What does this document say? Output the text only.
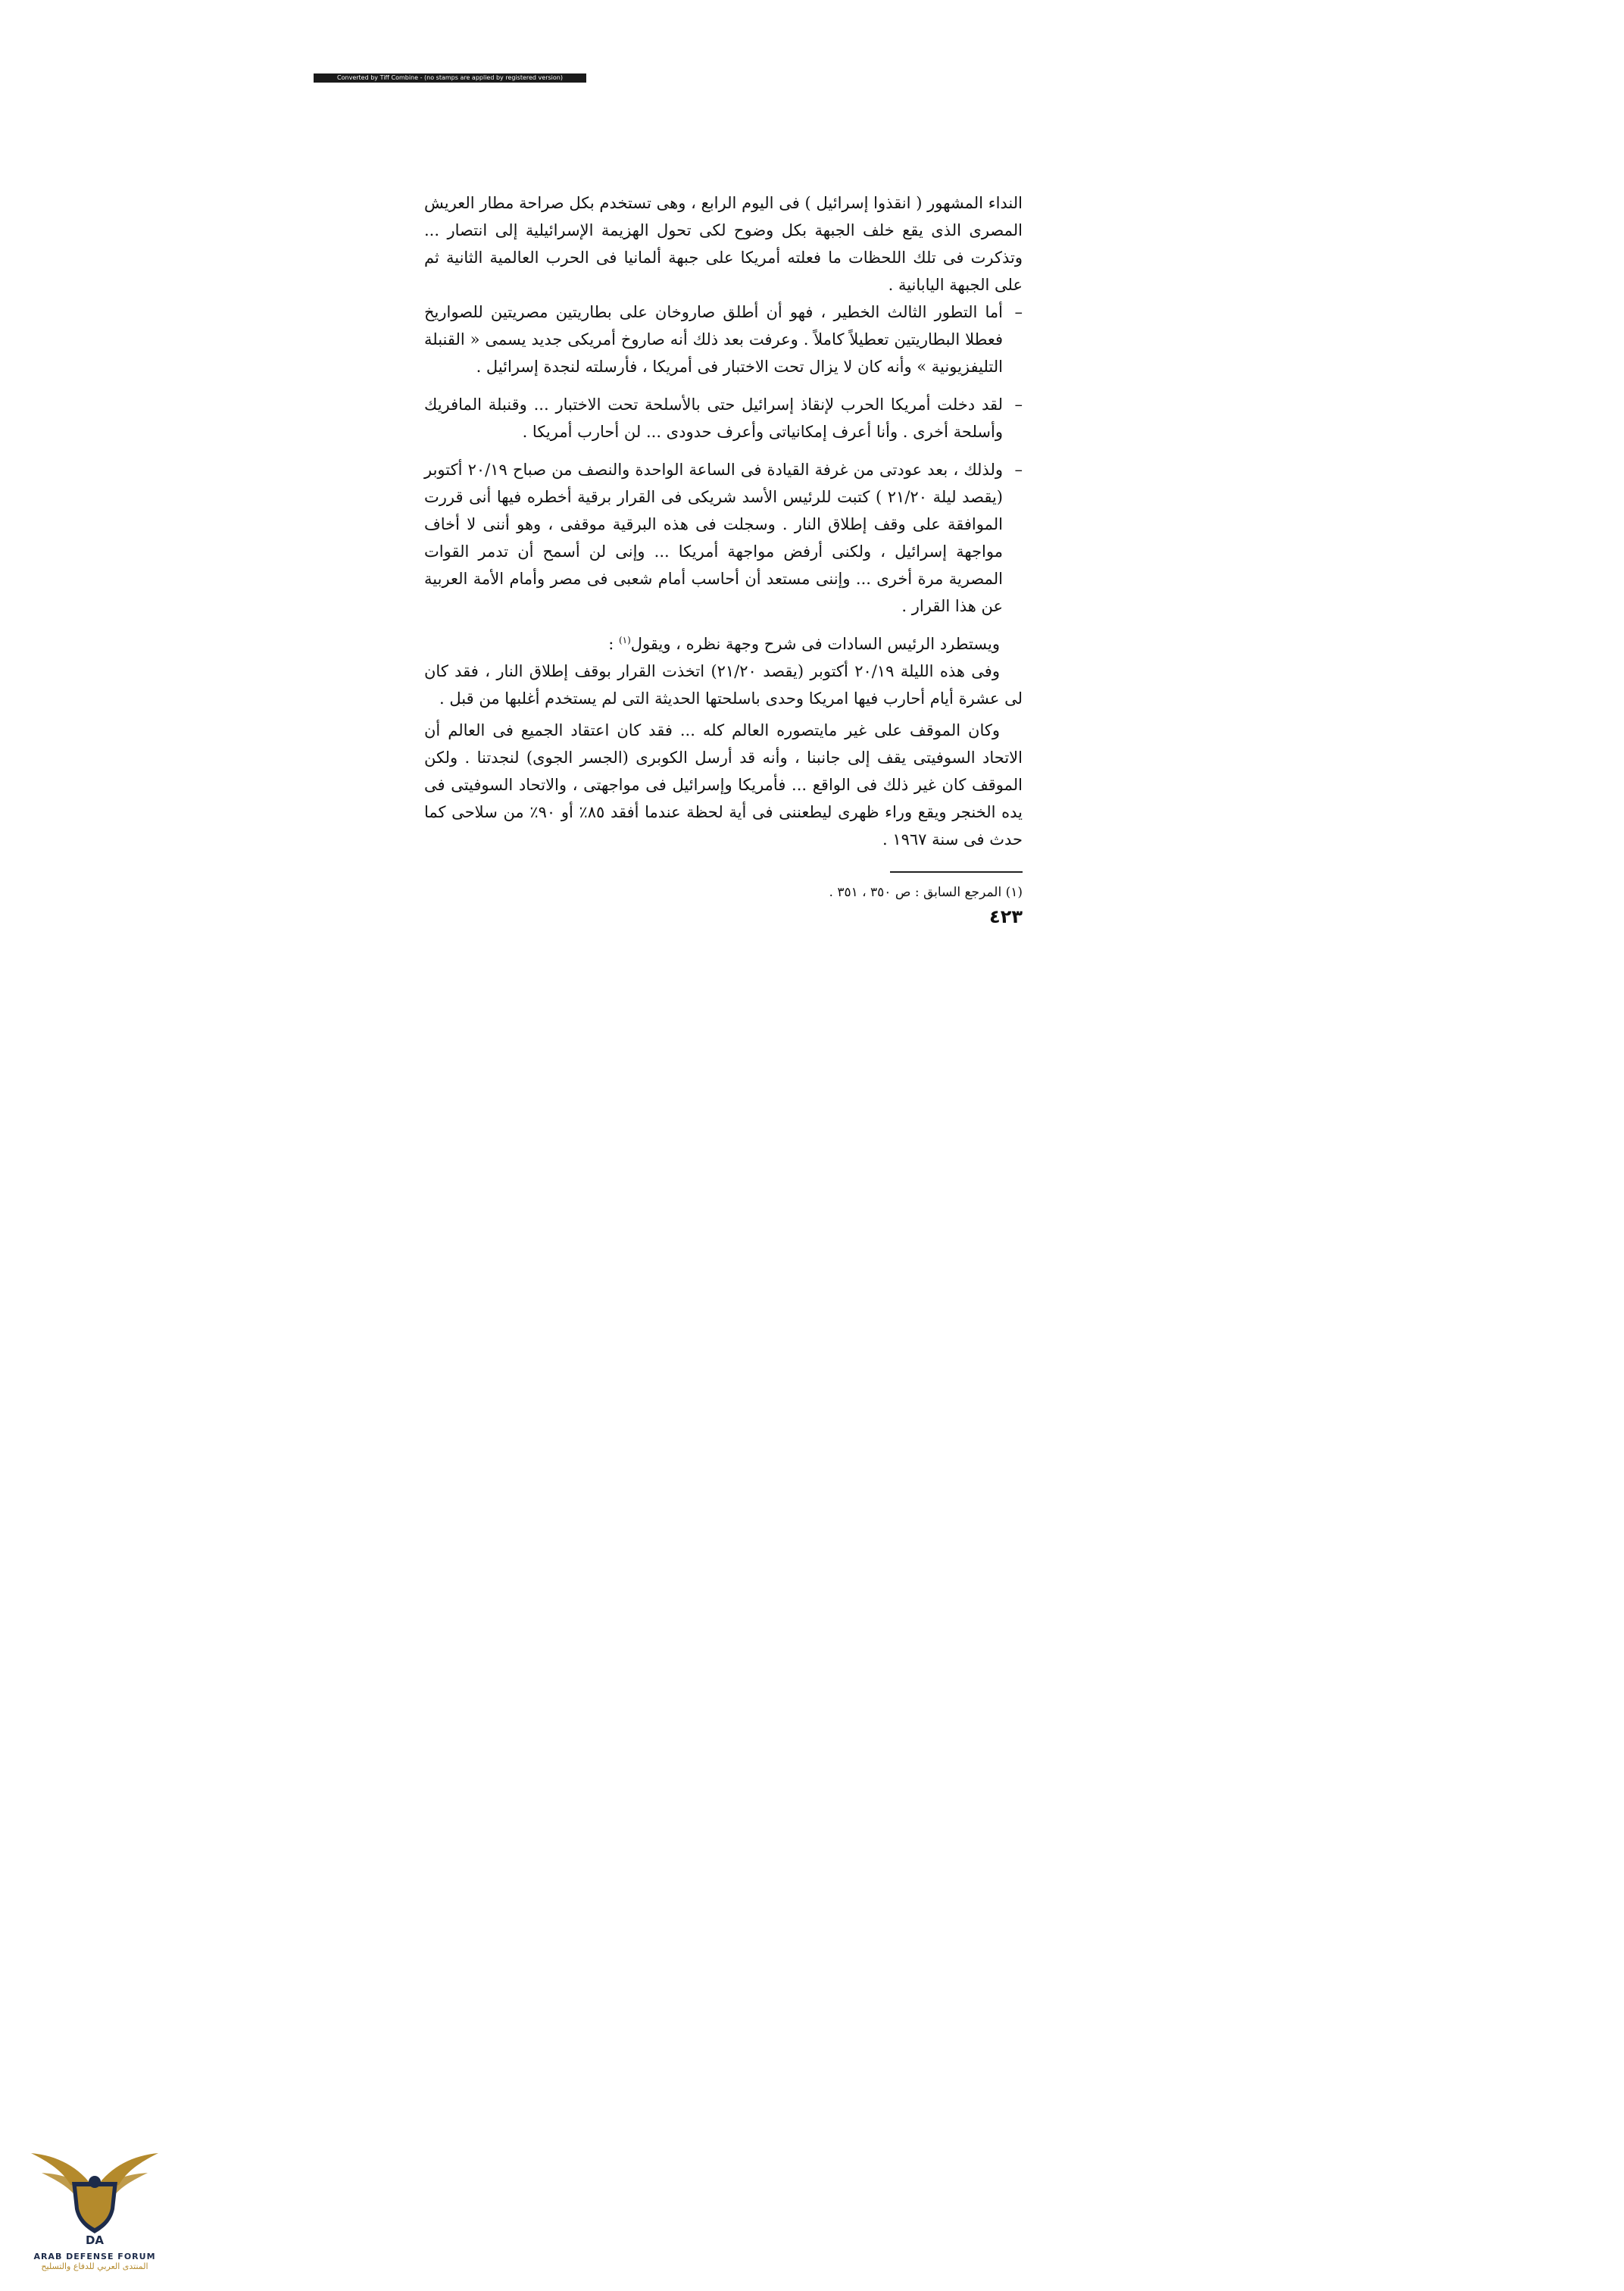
Converted by Tiff Combine - (no stamps are applied by registered version)

النداء المشهور ( انقذوا إسرائيل ) فى اليوم الرابع ، وهى تستخدم بكل صراحة مطار العريش المصرى الذى يقع خلف الجبهة بكل وضوح لكى تحول الهزيمة الإسرائيلية إلى انتصار ... وتذكرت فى تلك اللحظات ما فعلته أمريكا على جبهة ألمانيا فى الحرب العالمية الثانية ثم على الجبهة اليابانية .

–
أما التطور الثالث الخطير ، فهو أن أطلق صاروخان على بطاريتين مصريتين للصواريخ فعطلا البطاريتين تعطيلاً كاملاً . وعرفت بعد ذلك أنه صاروخ أمريكى جديد يسمى « القنبلة التليفزيونية » وأنه كان لا يزال تحت الاختبار فى أمريكا ، فأرسلته لنجدة إسرائيل .

–
لقد دخلت أمريكا الحرب لإنقاذ إسرائيل حتى بالأسلحة تحت الاختبار ... وقنبلة المافريك وأسلحة أخرى . وأنا أعرف إمكانياتى وأعرف حدودى ... لن أحارب أمريكا .

–
ولذلك ، بعد عودتى من غرفة القيادة فى الساعة الواحدة والنصف من صباح ٢٠/١٩ أكتوبر (يقصد ليلة ٢١/٢٠ ) كتبت للرئيس الأسد شريكى فى القرار برقية أخطره فيها أنى قررت الموافقة على وقف إطلاق النار . وسجلت فى هذه البرقية موقفى ، وهو أننى لا أخاف مواجهة إسرائيل ، ولكنى أرفض مواجهة أمريكا ... وإنى لن أسمح أن تدمر القوات المصرية مرة أخرى ... وإننى مستعد أن أحاسب أمام شعبى فى مصر وأمام الأمة العربية عن هذا القرار .

ويستطرد الرئيس السادات فى شرح وجهة نظره ، ويقول$^{(١)}$ :

وفى هذه الليلة ٢٠/١٩ أكتوبر (يقصد ٢١/٢٠) اتخذت القرار بوقف إطلاق النار ، فقد كان لى عشرة أيام أحارب فيها امريكا وحدى باسلحتها الحديثة التى لم يستخدم أغلبها من قبل .

وكان الموقف على غير مايتصوره العالم كله ... فقد كان اعتقاد الجميع فى العالم أن الاتحاد السوفيتى يقف إلى جانبنا ، وأنه قد أرسل الكوبرى (الجسر الجوى) لنجدتنا . ولكن الموقف كان غير ذلك فى الواقع ... فأمريكا وإسرائيل فى مواجهتى ، والاتحاد السوفيتى فى يده الخنجر ويقع وراء ظهرى ليطعننى فى أية لحظة عندما أفقد ٨٥٪ أو ٩٠٪ من سلاحى كما حدث فى سنة ١٩٦٧ .

(١) المرجع السابق : ص ٣٥٠ ، ٣٥١ .

٤٢٣

DA
ARAB DEFENSE FORUM
المنتدى العربي للدفاع والتسليح
